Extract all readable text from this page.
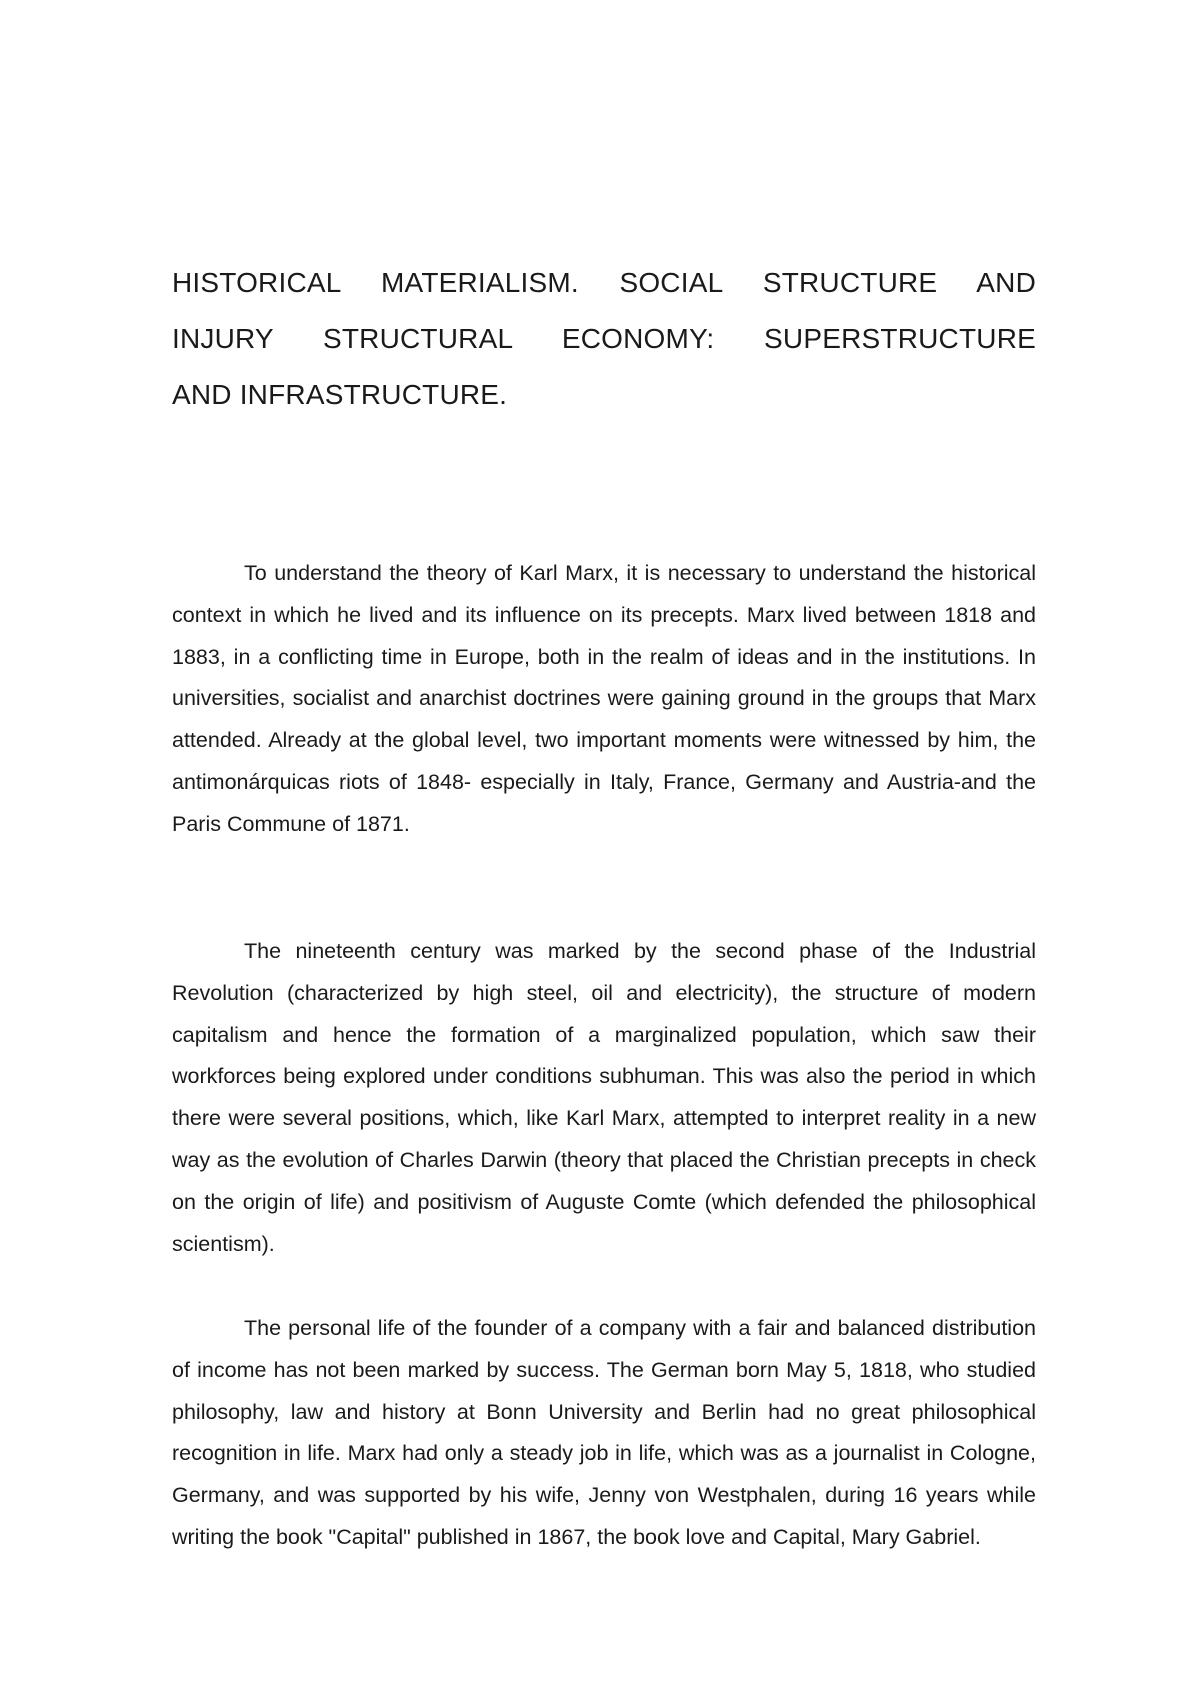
HISTORICAL MATERIALISM. SOCIAL STRUCTURE AND
INJURY STRUCTURAL ECONOMY: SUPERSTRUCTURE
AND INFRASTRUCTURE.

To understand the theory of Karl Marx, it is necessary to understand the historical context in which he lived and its influence on its precepts. Marx lived between 1818 and 1883, in a conflicting time in Europe, both in the realm of ideas and in the institutions. In universities, socialist and anarchist doctrines were gaining ground in the groups that Marx attended. Already at the global level, two important moments were witnessed by him, the antimonárquicas riots of 1848- especially in Italy, France, Germany and Austria-and the Paris Commune of 1871.

The nineteenth century was marked by the second phase of the Industrial Revolution (characterized by high steel, oil and electricity), the structure of modern capitalism and hence the formation of a marginalized population, which saw their workforces being explored under conditions subhuman. This was also the period in which there were several positions, which, like Karl Marx, attempted to interpret reality in a new way as the evolution of Charles Darwin (theory that placed the Christian precepts in check on the origin of life) and positivism of Auguste Comte (which defended the philosophical scientism).

The personal life of the founder of a company with a fair and balanced distribution of income has not been marked by success. The German born May 5, 1818, who studied philosophy, law and history at Bonn University and Berlin had no great philosophical recognition in life. Marx had only a steady job in life, which was as a journalist in Cologne, Germany, and was supported by his wife, Jenny von Westphalen, during 16 years while writing the book "Capital" published in 1867, the book love and Capital, Mary Gabriel.
